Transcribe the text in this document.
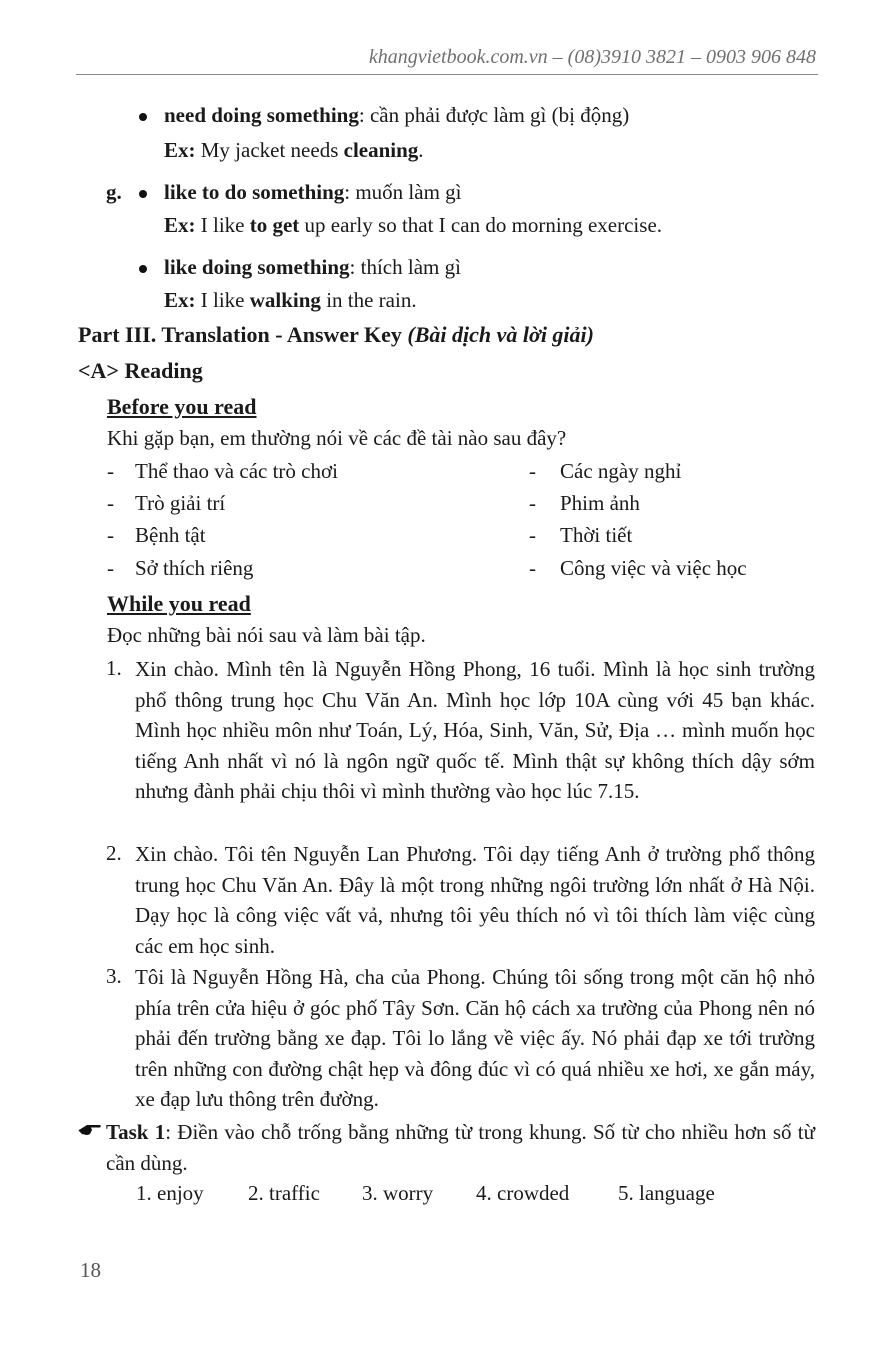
khangvietbook.com.vn – (08)3910 3821 – 0903 906 848
need doing something: cần phải được làm gì (bị động)
Ex: My jacket needs cleaning.
g. like to do something: muốn làm gì
Ex: I like to get up early so that I can do morning exercise.
like doing something: thích làm gì
Ex: I like walking in the rain.
Part III. Translation - Answer Key (Bài dịch và lời giải)
<A> Reading
Before you read
Khi gặp bạn, em thường nói về các đề tài nào sau đây?
- Thể thao và các trò chơi
- Trò giải trí
- Bệnh tật
- Sở thích riêng
- Các ngày nghỉ
- Phim ảnh
- Thời tiết
- Công việc và việc học
While you read
Đọc những bài nói sau và làm bài tập.
1. Xin chào. Mình tên là Nguyễn Hồng Phong, 16 tuổi. Mình là học sinh trường phổ thông trung học Chu Văn An. Mình học lớp 10A cùng với 45 bạn khác. Mình học nhiều môn như Toán, Lý, Hóa, Sinh, Văn, Sử, Địa … mình muốn học tiếng Anh nhất vì nó là ngôn ngữ quốc tế. Mình thật sự không thích dậy sớm nhưng đành phải chịu thôi vì mình thường vào học lúc 7.15.
2. Xin chào. Tôi tên Nguyễn Lan Phương. Tôi dạy tiếng Anh ở trường phổ thông trung học Chu Văn An. Đây là một trong những ngôi trường lớn nhất ở Hà Nội. Dạy học là công việc vất vả, nhưng tôi yêu thích nó vì tôi thích làm việc cùng các em học sinh.
3. Tôi là Nguyễn Hồng Hà, cha của Phong. Chúng tôi sống trong một căn hộ nhỏ phía trên cửa hiệu ở góc phố Tây Sơn. Căn hộ cách xa trường của Phong nên nó phải đến trường bằng xe đạp. Tôi lo lắng về việc ấy. Nó phải đạp xe tới trường trên những con đường chật hẹp và đông đúc vì có quá nhiều xe hơi, xe gắn máy, xe đạp lưu thông trên đường.
Task 1: Điền vào chỗ trống bằng những từ trong khung. Số từ cho nhiều hơn số từ cần dùng.
1. enjoy 2. traffic 3. worry 4. crowded 5. language
18
